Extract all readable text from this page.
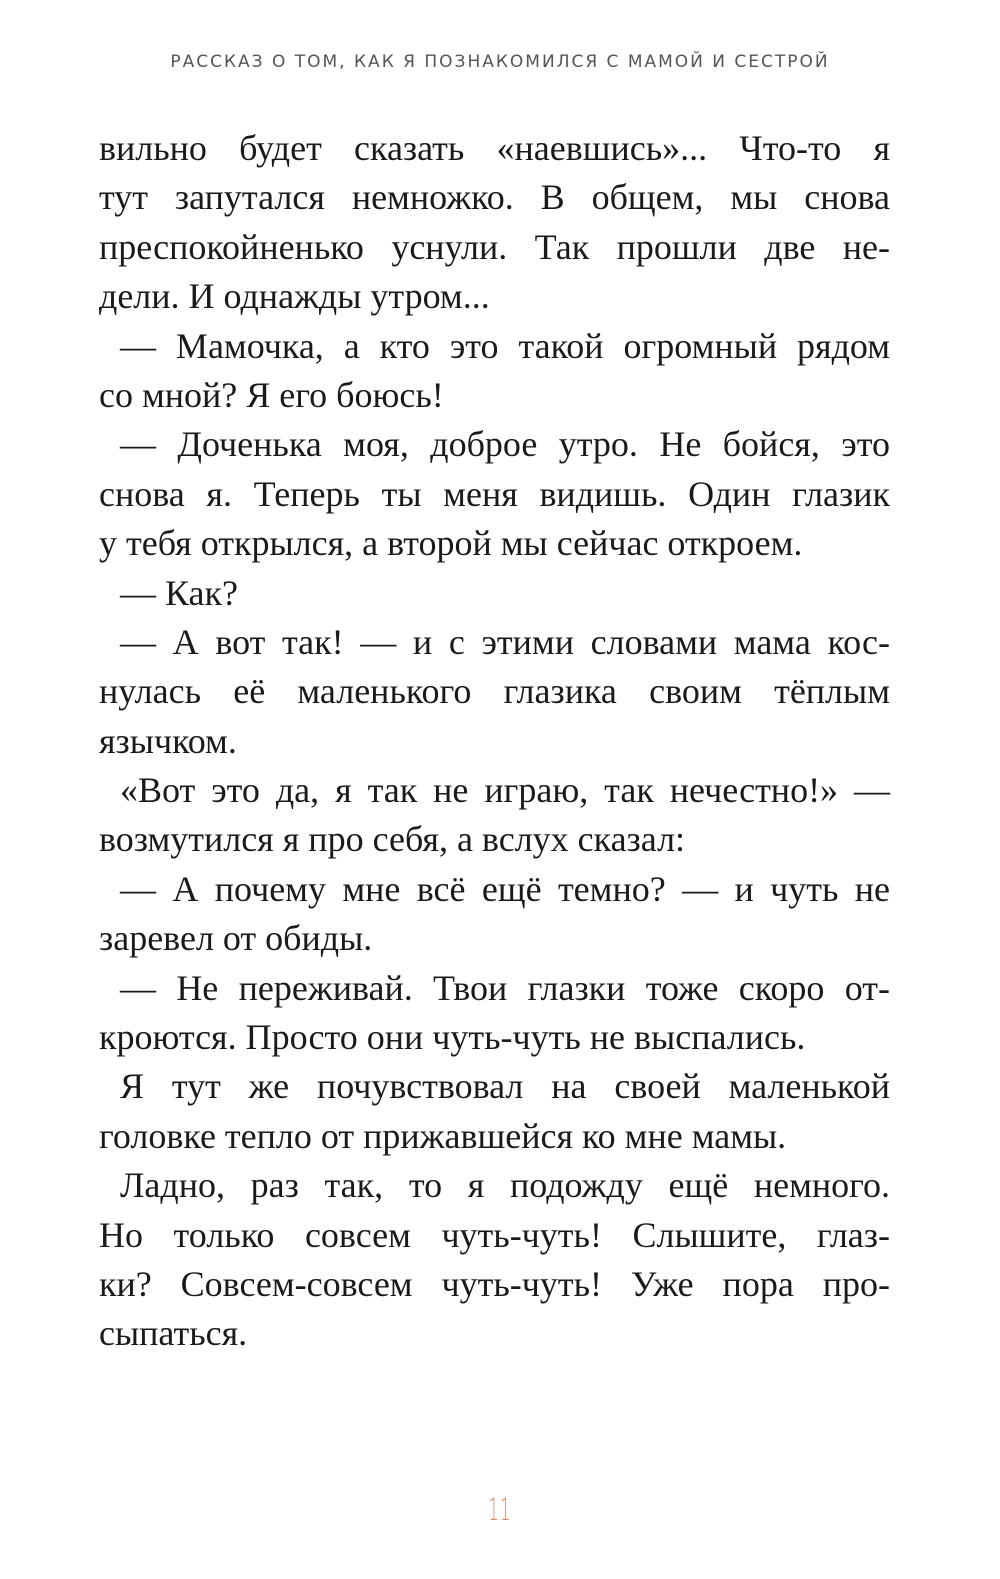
РАССКАЗ О ТОМ, КАК Я ПОЗНАКОМИЛСЯ С МАМОЙ И СЕСТРОЙ
вильно будет сказать «наевшись»... Что-то я
тут запутался немножко. В общем, мы снова
преспокойненько уснули. Так прошли две не-
дели. И однажды утром...
— Мамочка, а кто это такой огромный рядом
со мной? Я его боюсь!
— Доченька моя, доброе утро. Не бойся, это
снова я. Теперь ты меня видишь. Один глазик
у тебя открылся, а второй мы сейчас откроем.
— Как?
— А вот так! — и с этими словами мама кос-
нулась её маленького глазика своим тёплым
язычком.
«Вот это да, я так не играю, так нечестно!» —
возмутился я про себя, а вслух сказал:
— А почему мне всё ещё темно? — и чуть не
заревел от обиды.
— Не переживай. Твои глазки тоже скоро от-
кроются. Просто они чуть-чуть не выспались.
Я тут же почувствовал на своей маленькой
головке тепло от прижавшейся ко мне мамы.
Ладно, раз так, то я подожду ещё немного.
Но только совсем чуть-чуть! Слышите, глаз-
ки? Совсем-совсем чуть-чуть! Уже пора про-
сыпаться.
11
